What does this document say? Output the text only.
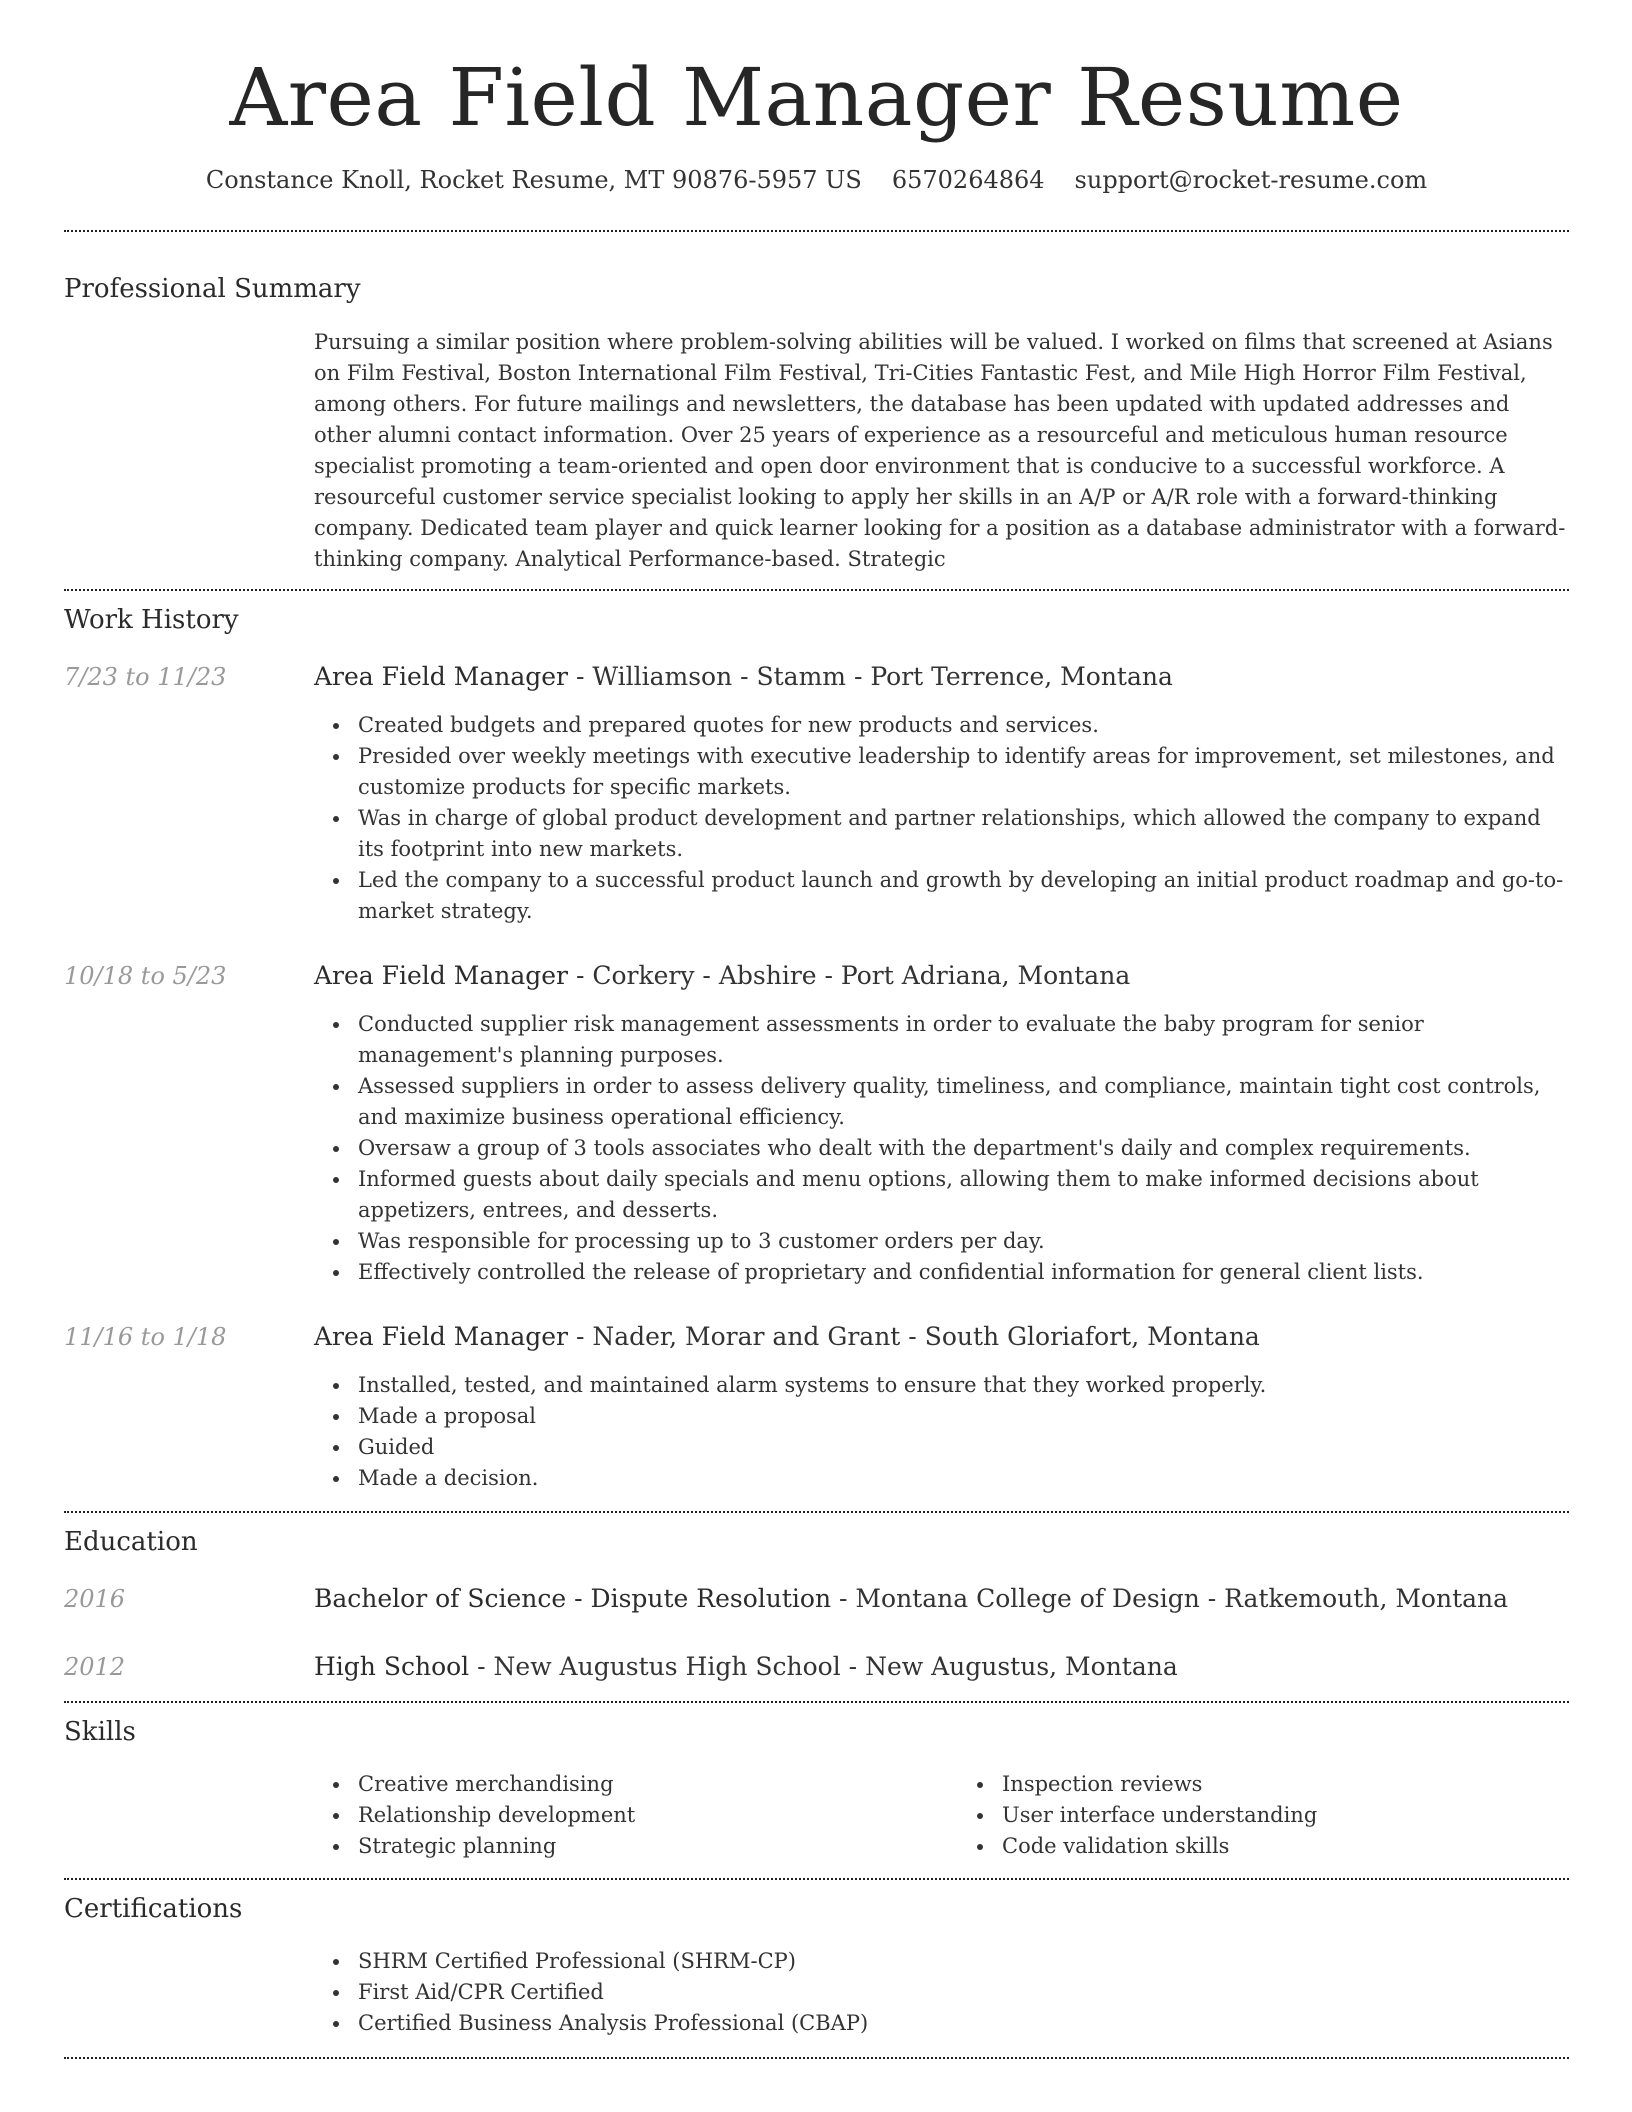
Area Field Manager Resume
Constance Knoll, Rocket Resume, MT 90876-5957 US 6570264864 support@rocket-resume.com
Professional Summary
Pursuing a similar position where problem-solving abilities will be valued. I worked on films that screened at Asians on Film Festival, Boston International Film Festival, Tri-Cities Fantastic Fest, and Mile High Horror Film Festival, among others. For future mailings and newsletters, the database has been updated with updated addresses and other alumni contact information. Over 25 years of experience as a resourceful and meticulous human resource specialist promoting a team-oriented and open door environment that is conducive to a successful workforce. A resourceful customer service specialist looking to apply her skills in an A/P or A/R role with a forward-thinking company. Dedicated team player and quick learner looking for a position as a database administrator with a forward-thinking company. Analytical Performance-based. Strategic
Work History
7/23 to 11/23	Area Field Manager - Williamson - Stamm - Port Terrence, Montana
Created budgets and prepared quotes for new products and services.
Presided over weekly meetings with executive leadership to identify areas for improvement, set milestones, and customize products for specific markets.
Was in charge of global product development and partner relationships, which allowed the company to expand its footprint into new markets.
Led the company to a successful product launch and growth by developing an initial product roadmap and go-to-market strategy.
10/18 to 5/23	Area Field Manager - Corkery - Abshire - Port Adriana, Montana
Conducted supplier risk management assessments in order to evaluate the baby program for senior management's planning purposes.
Assessed suppliers in order to assess delivery quality, timeliness, and compliance, maintain tight cost controls, and maximize business operational efficiency.
Oversaw a group of 3 tools associates who dealt with the department's daily and complex requirements.
Informed guests about daily specials and menu options, allowing them to make informed decisions about appetizers, entrees, and desserts.
Was responsible for processing up to 3 customer orders per day.
Effectively controlled the release of proprietary and confidential information for general client lists.
11/16 to 1/18	Area Field Manager - Nader, Morar and Grant - South Gloriafort, Montana
Installed, tested, and maintained alarm systems to ensure that they worked properly.
Made a proposal
Guided
Made a decision.
Education
2016	Bachelor of Science - Dispute Resolution - Montana College of Design - Ratkemouth, Montana
2012	High School - New Augustus High School - New Augustus, Montana
Skills
Creative merchandising
Relationship development
Strategic planning
Inspection reviews
User interface understanding
Code validation skills
Certifications
SHRM Certified Professional (SHRM-CP)
First Aid/CPR Certified
Certified Business Analysis Professional (CBAP)
